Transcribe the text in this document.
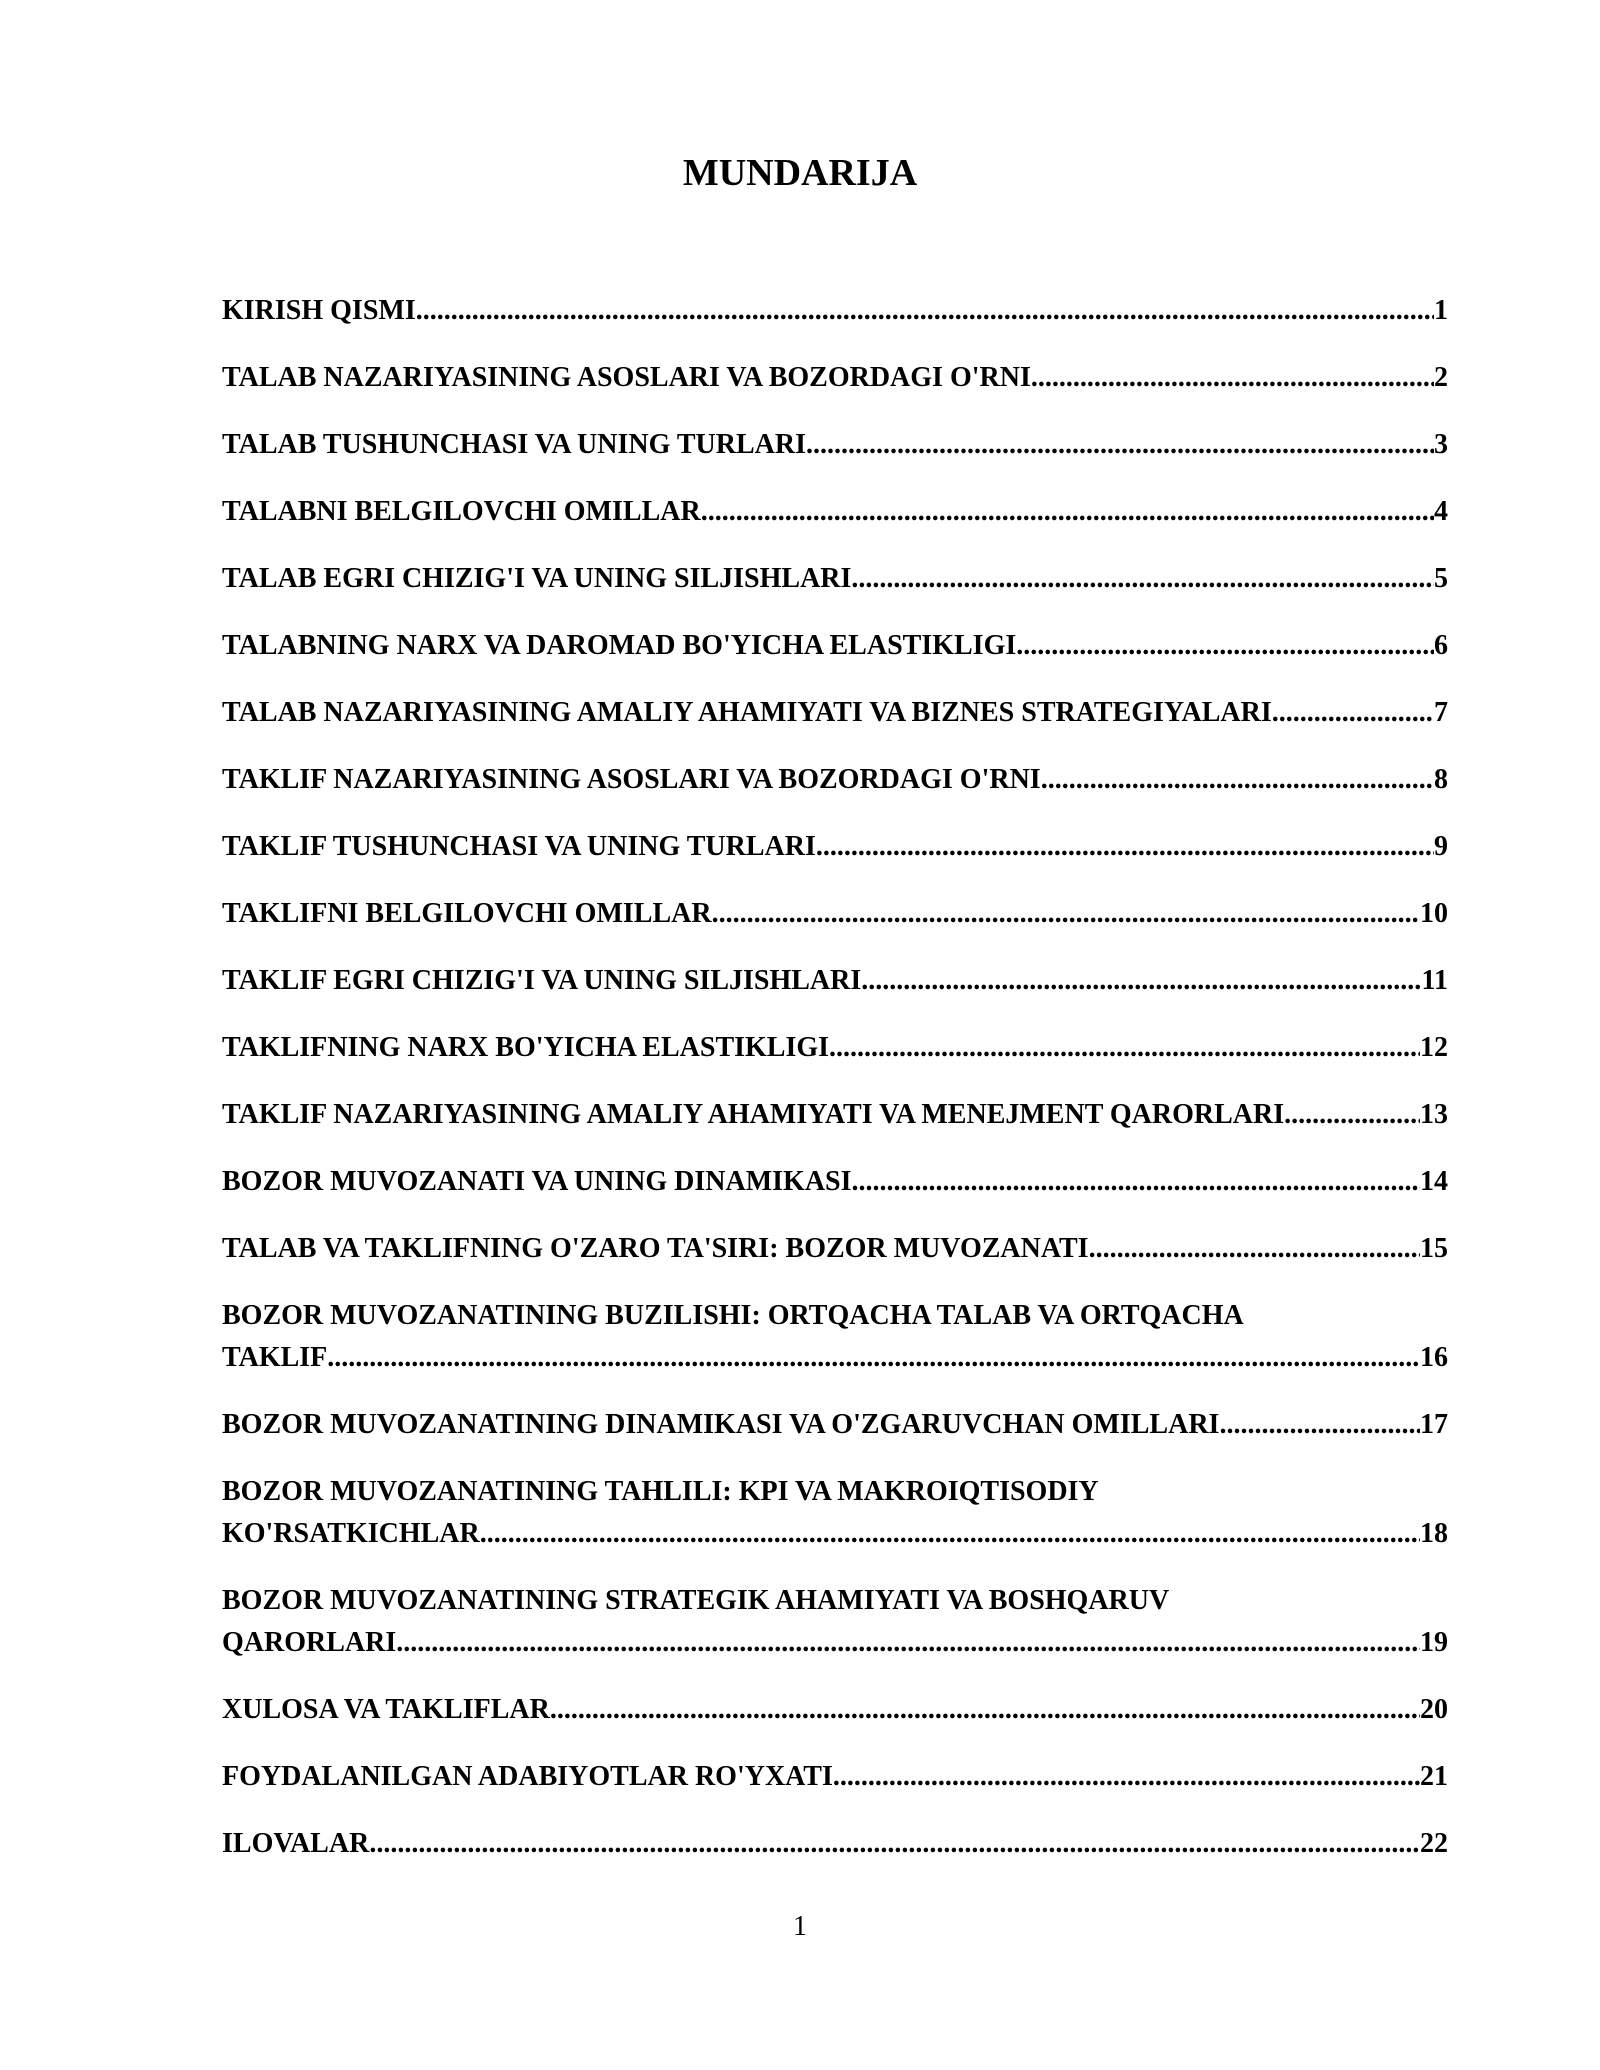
MUNDARIJA
KIRISH QISMI .....	1
TALAB NAZARIYASINING ASOSLARI VA BOZORDAGI O'RNI .....	2
TALAB TUSHUNCHASI VA UNING TURLARI .....	3
TALABNI BELGILOVCHI OMILLAR .....	4
TALAB EGRI CHIZIG'I VA UNING SILJISHLARI .....	5
TALABNING NARX VA DAROMAD BO'YICHA ELASTIKLIGI .....	6
TALAB NAZARIYASINING AMALIY AHAMIYATI VA BIZNES STRATEGIYALARI .....	7
TAKLIF NAZARIYASINING ASOSLARI VA BOZORDAGI O'RNI .....	8
TAKLIF TUSHUNCHASI VA UNING TURLARI .....	9
TAKLIFNI BELGILOVCHI OMILLAR .....	10
TAKLIF EGRI CHIZIG'I VA UNING SILJISHLARI .....	11
TAKLIFNING NARX BO'YICHA ELASTIKLIGI .....	12
TAKLIF NAZARIYASINING AMALIY AHAMIYATI VA MENEJMENT QARORLARI .....	13
BOZOR MUVOZANATI VA UNING DINAMIKASI .....	14
TALAB VA TAKLIFNING O'ZARO TA'SIRI: BOZOR MUVOZANATI .....	15
BOZOR MUVOZANATINING BUZILISHI: ORTQACHA TALAB VA ORTQACHA
TAKLIF .....	16
BOZOR MUVOZANATINING DINAMIKASI VA O'ZGARUVCHAN OMILLARI .....	17
BOZOR MUVOZANATINING TAHLILI: KPI VA MAKROIQTISODIY
KO'RSATKICHLAR .....	18
BOZOR MUVOZANATINING STRATEGIK AHAMIYATI VA BOSHQARUV
QARORLARI .....	19
XULOSA VA TAKLIFLAR .....	20
FOYDALANILGAN ADABIYOTLAR RO'YXATI .....	21
ILOVALAR .....	22
1
